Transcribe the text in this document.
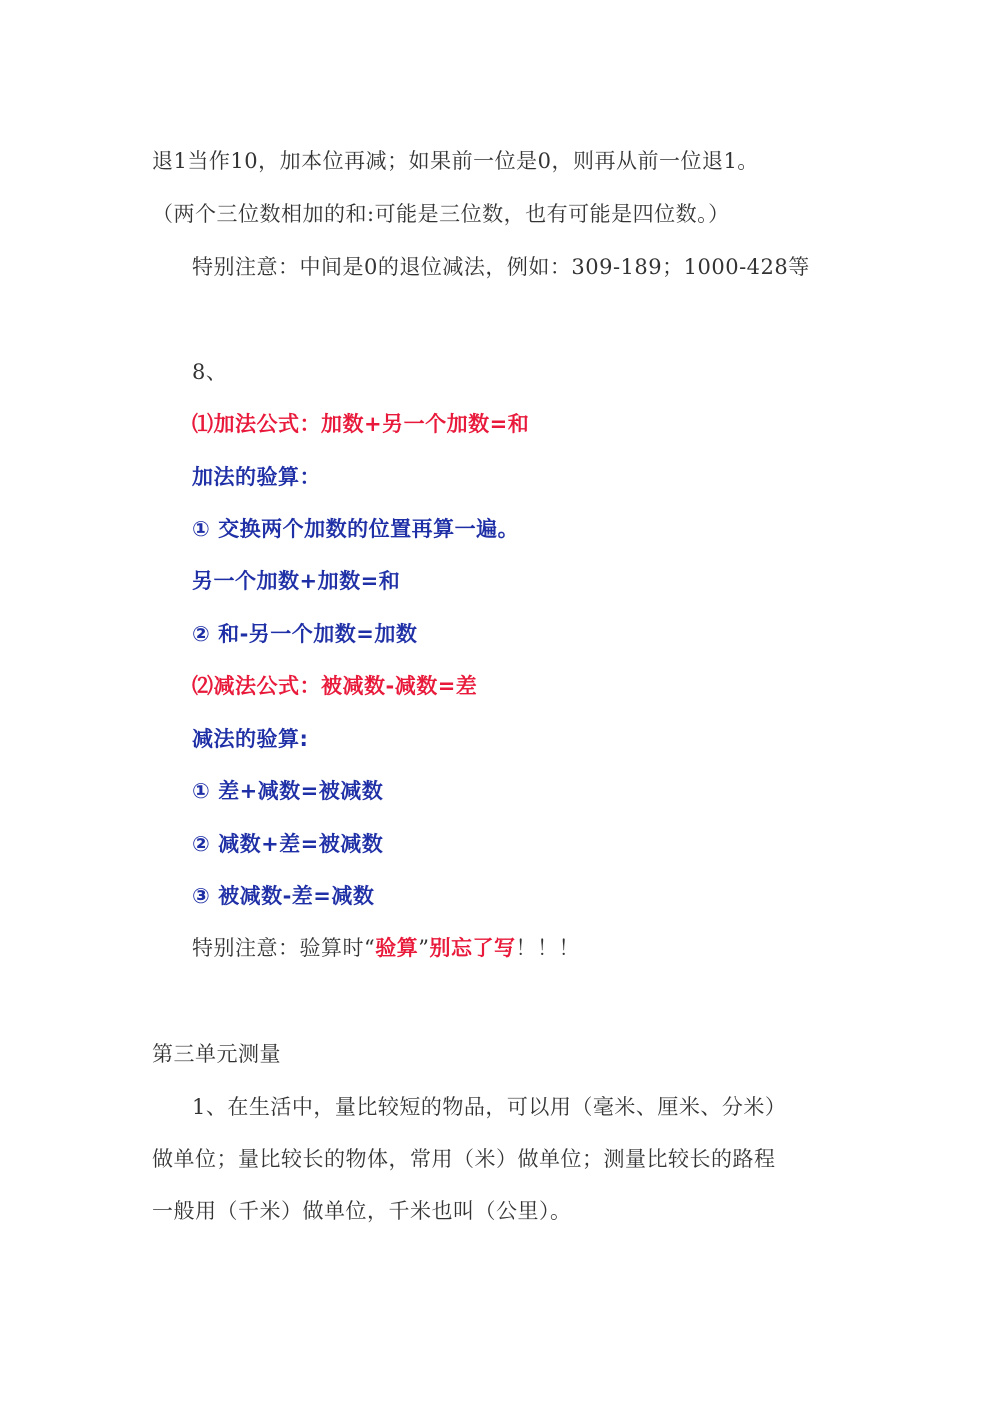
退1当作10，加本位再减；如果前一位是0，则再从前一位退1。
（两个三位数相加的和:可能是三位数，也有可能是四位数。）
特别注意：中间是0的退位减法，例如：309-189；1000-428等
8、
⑴加法公式：加数+另一个加数=和
加法的验算：
① 交换两个加数的位置再算一遍。
另一个加数+加数=和
② 和-另一个加数=加数
⑵减法公式：被减数-减数=差
减法的验算:
① 差+减数=被减数
② 减数+差=被减数
③ 被减数-差=减数
特别注意：验算时“验算”别忘了写！！！
第三单元测量
1、在生活中，量比较短的物品，可以用（毫米、厘米、分米）
做单位；量比较长的物体，常用（米）做单位；测量比较长的路程
一般用（千米）做单位，千米也叫（公里）。
